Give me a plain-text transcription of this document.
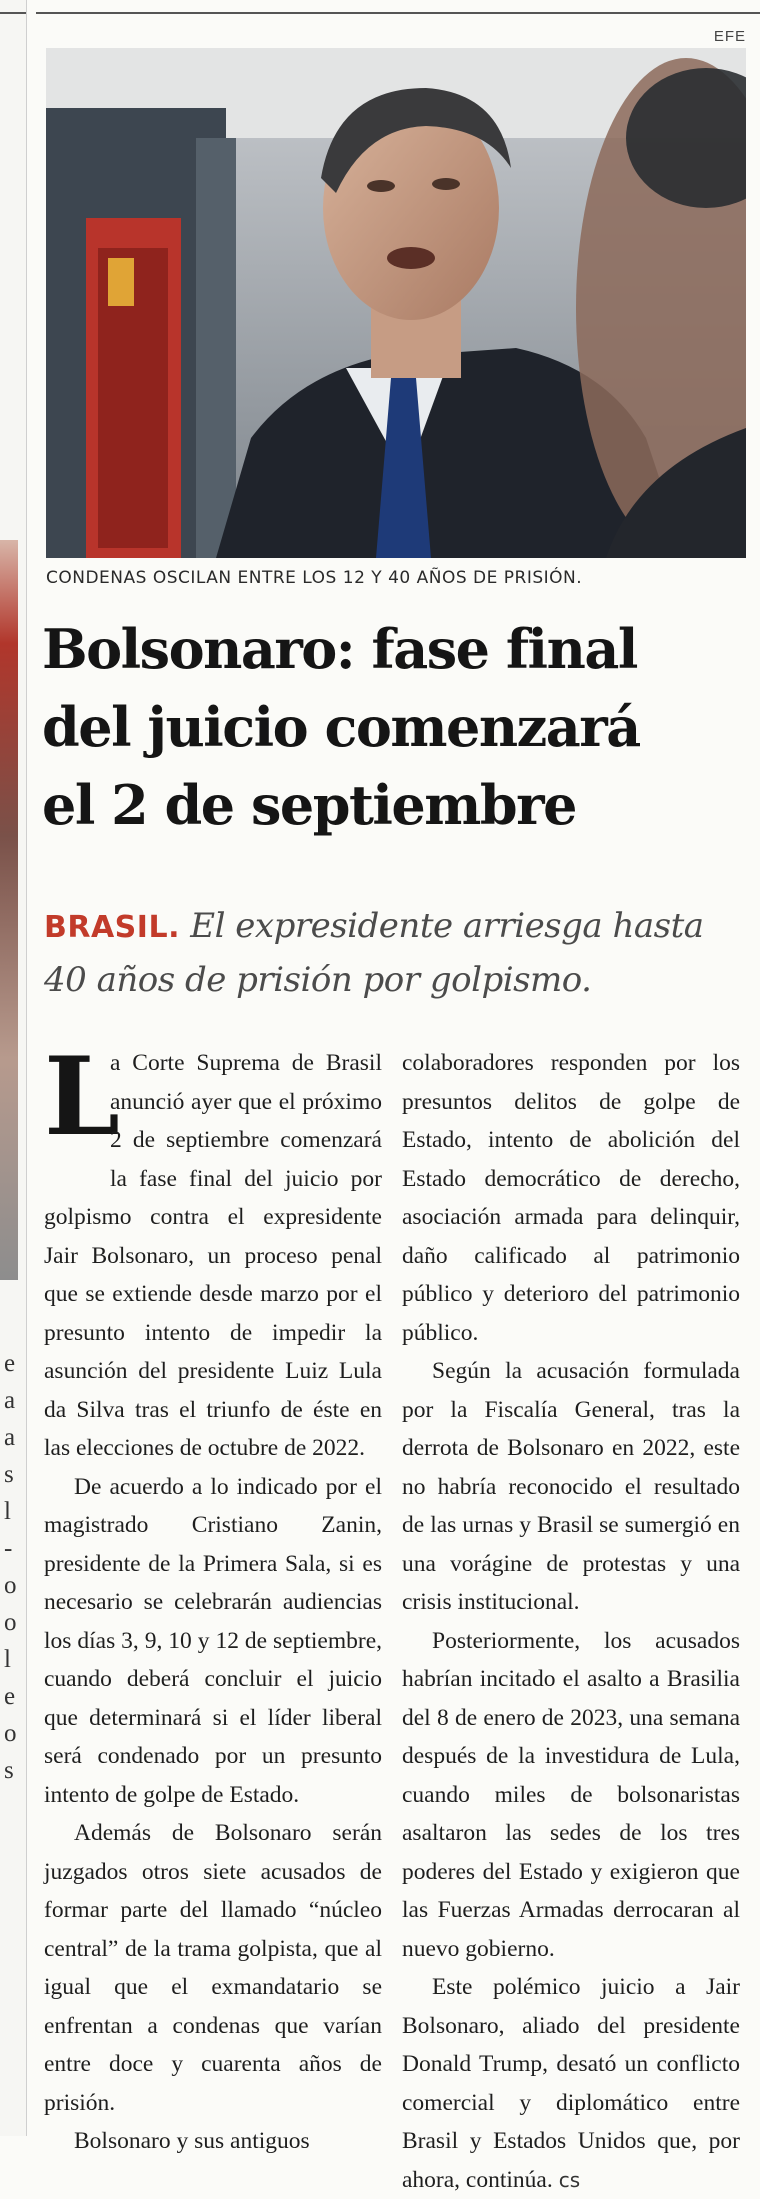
e
a
a
s
l
-
o
o
l
e
o
s
EFE
CONDENAS OSCILAN ENTRE LOS 12 Y 40 AÑOS DE PRISIÓN.
Bolsonaro: fase final
del juicio comenzará
el 2 de septiembre
BRASIL. El expresidente arriesga hasta 40 años de prisión por golpismo.

L
a Corte Suprema de Brasil anunció ayer que el próximo 2 de septiembre comenzará la fase final del juicio por golpismo contra el expresidente Jair Bolsonaro, un proceso penal que se extiende desde marzo por el presunto intento de impedir la asunción del presidente Luiz Lula da Silva tras el triunfo de éste en las elecciones de octubre de 2022.

De acuerdo a lo indicado por el magistrado Cristiano Zanin, presidente de la Primera Sala, si es necesario se celebrarán audiencias los días 3, 9, 10 y 12 de septiembre, cuando deberá concluir el juicio que determinará si el líder liberal será condenado por un presunto intento de golpe de Estado.

Además de Bolsonaro serán juzgados otros siete acusados de formar parte del llamado “núcleo central” de la trama golpista, que al igual que el exmandatario se enfrentan a condenas que varían entre doce y cuarenta años de prisión.

Bolsonaro y sus antiguos

colaboradores responden por los presuntos delitos de golpe de Estado, intento de abolición del Estado democrático de derecho, asociación armada para delinquir, daño calificado al patrimonio público y deterioro del patrimonio público.

Según la acusación formulada por la Fiscalía General, tras la derrota de Bolsonaro en 2022, este no habría reconocido el resultado de las urnas y Brasil se sumergió en una vorágine de protestas y una crisis institucional.

Posteriormente, los acusados habrían incitado el asalto a Brasilia del 8 de enero de 2023, una semana después de la investidura de Lula, cuando miles de bolsonaristas asaltaron las sedes de los tres poderes del Estado y exigieron que las Fuerzas Armadas derrocaran al nuevo gobierno.

Este polémico juicio a Jair Bolsonaro, aliado del presidente Donald Trump, desató un conflicto comercial y diplomático entre Brasil y Estados Unidos que, por ahora, continúa. cs
